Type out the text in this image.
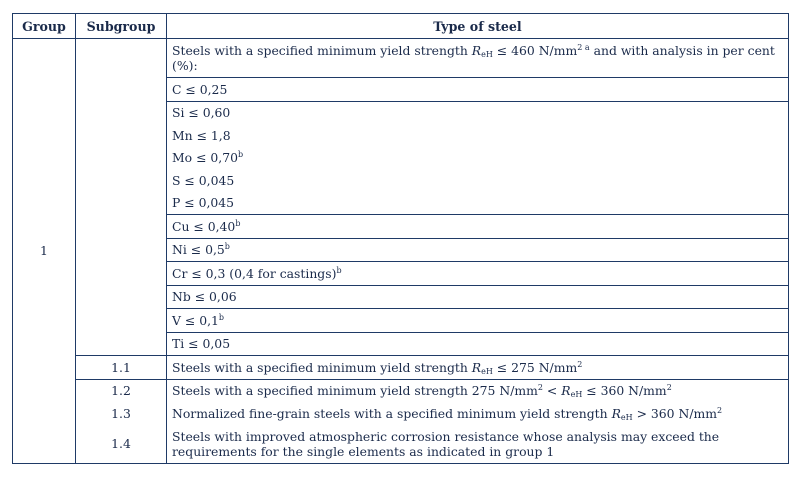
Group	Subgroup	Type of steel
1		Steels with a specified minimum yield strength $R_{eH} \le 460$ $N/mm^2$ $^a$ and with analysis in per cent (%):
		C ≤ 0,25
		Si ≤ 0,60
		Mn ≤ 1,8
		Mo ≤ 0,70$^b$
		S ≤ 0,045
		P ≤ 0,045
		Cu ≤ 0,40$^b$
		Ni ≤ 0,5$^b$
		Cr ≤ 0,3 (0,4 for castings)$^b$
		Nb ≤ 0,06
		V ≤ 0,1$^b$
		Ti ≤ 0,05
	1.1	Steels with a specified minimum yield strength $R_{eH} \le 275$ $N/mm^2$
	1.2	Steels with a specified minimum yield strength 275 $N/mm^2 < R_{eH} \le 360$ $N/mm^2$
	1.3	Normalized fine-grain steels with a specified minimum yield strength $R_{eH} > 360$ $N/mm^2$
	1.4	Steels with improved atmospheric corrosion resistance whose analysis may exceed the requirements for the single elements as indicated in group 1
